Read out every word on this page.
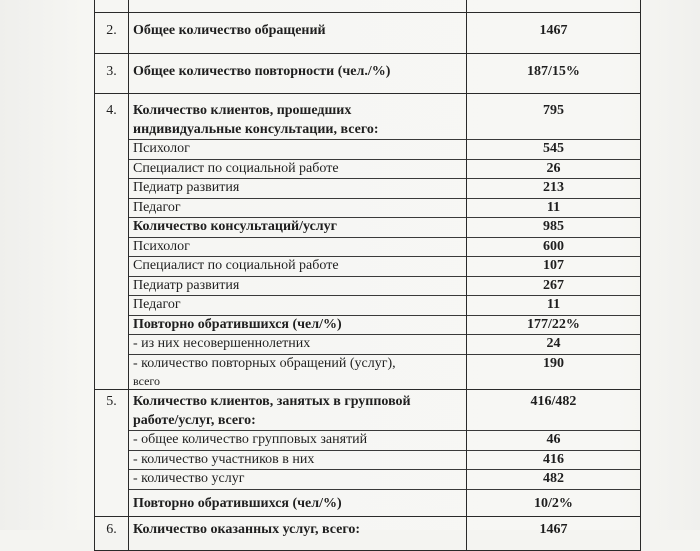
2.	Общее количество обращений	1467
3.	Общее количество повторности (чел./%)	187/15%
4.	Количество клиентов, прошедших
индивидуальные консультации, всего:	795
	Психолог	545
	Специалист по социальной работе	26
	Педиатр развития	213
	Педагог	11
	Количество консультаций/услуг	985
	Психолог	600
	Специалист по социальной работе	107
	Педиатр развития	267
	Педагог	11
	Повторно обратившихся (чел/%)	177/22%
	- из них несовершеннолетних	24

	- количество повторных обращений (услуг),
всего	190
5.	Количество клиентов, занятых в групповой
работе/услуг, всего:	416/482
	- общее количество групповых занятий	46
	- количество участников в них	416
	- количество услуг	482
	Повторно обратившихся (чел/%)	10/2%
6.	Количество оказанных услуг, всего:	1467
